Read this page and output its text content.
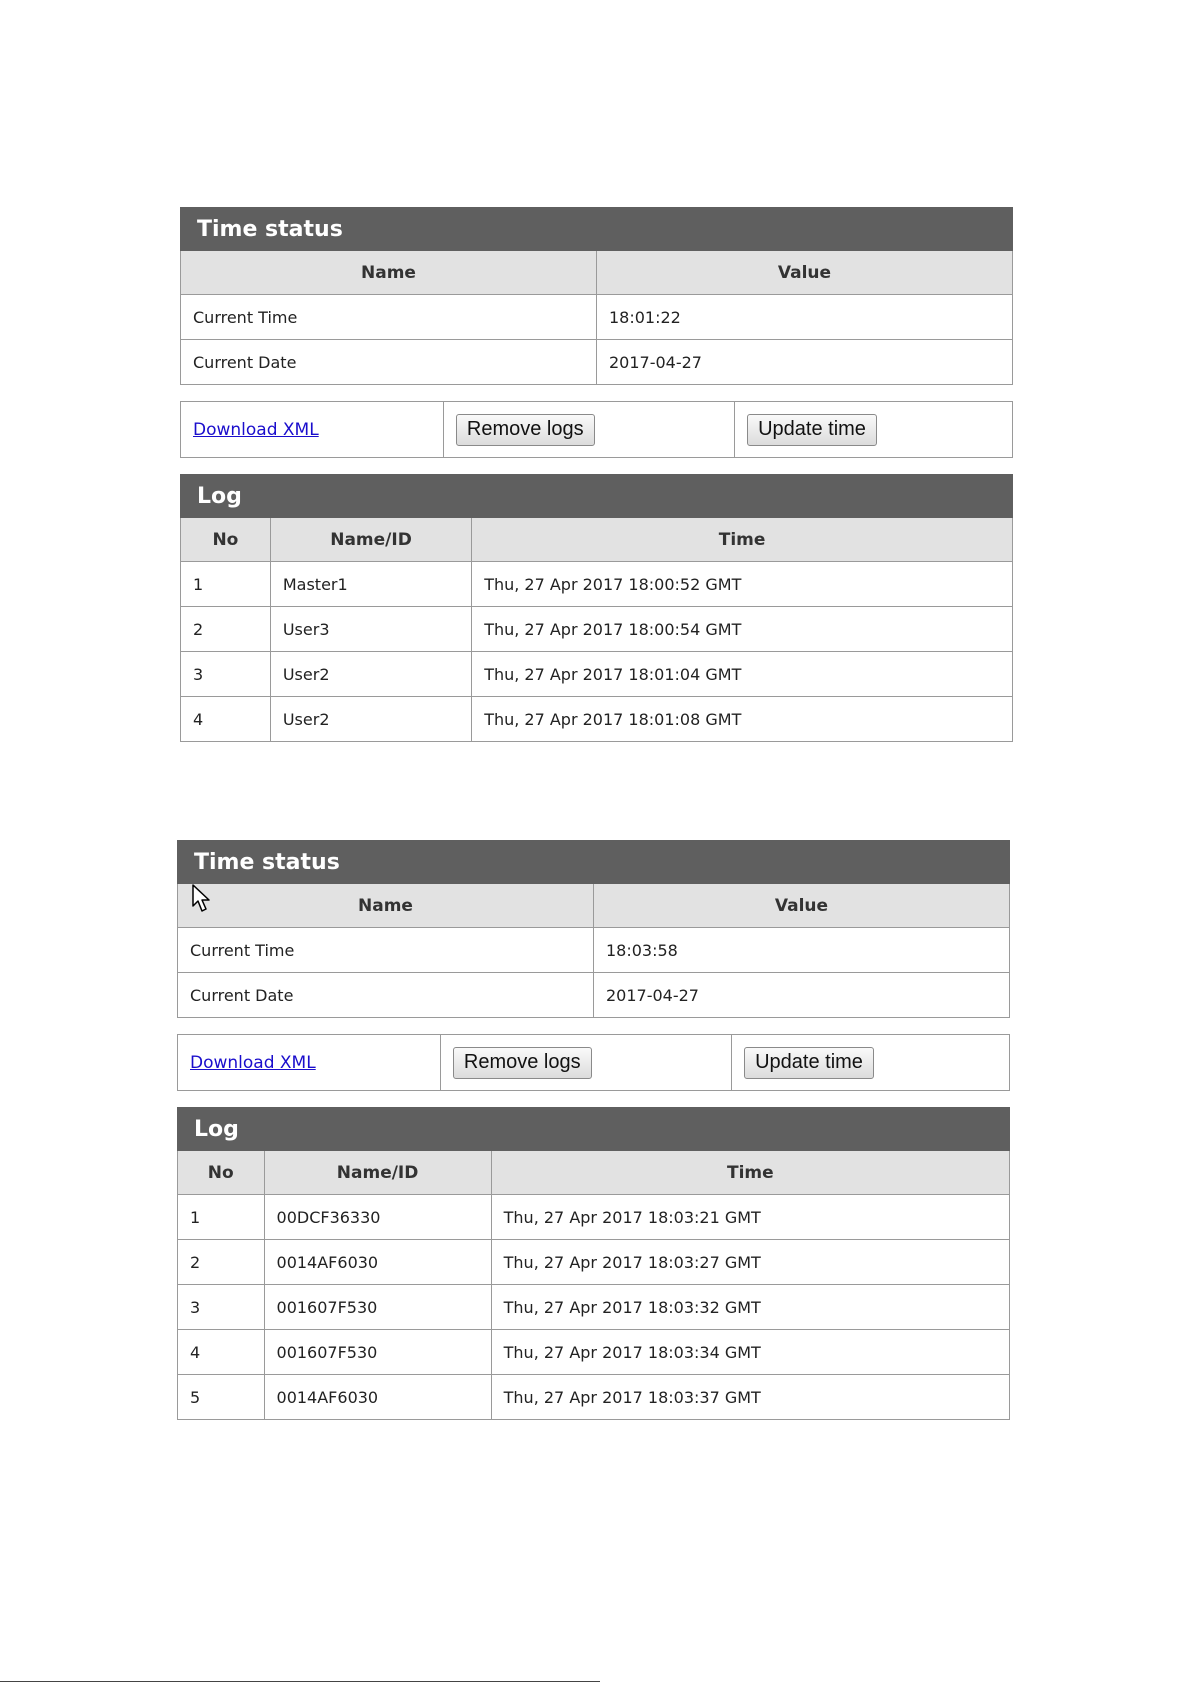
Time status	
Name	Value
Current Time	18:01:22
Current Date	2017-04-27
Download XML	Remove logs	Update time
Log		
No	Name/ID	Time
1	Master1	Thu, 27 Apr 2017 18:00:52 GMT
2	User3	Thu, 27 Apr 2017 18:00:54 GMT
3	User2	Thu, 27 Apr 2017 18:01:04 GMT
4	User2	Thu, 27 Apr 2017 18:01:08 GMT
Time status	
Name	Value
Current Time	18:03:58
Current Date	2017-04-27
Download XML	Remove logs	Update time
Log		
No	Name/ID	Time
1	00DCF36330	Thu, 27 Apr 2017 18:03:21 GMT
2	0014AF6030	Thu, 27 Apr 2017 18:03:27 GMT
3	001607F530	Thu, 27 Apr 2017 18:03:32 GMT
4	001607F530	Thu, 27 Apr 2017 18:03:34 GMT
5	0014AF6030	Thu, 27 Apr 2017 18:03:37 GMT
